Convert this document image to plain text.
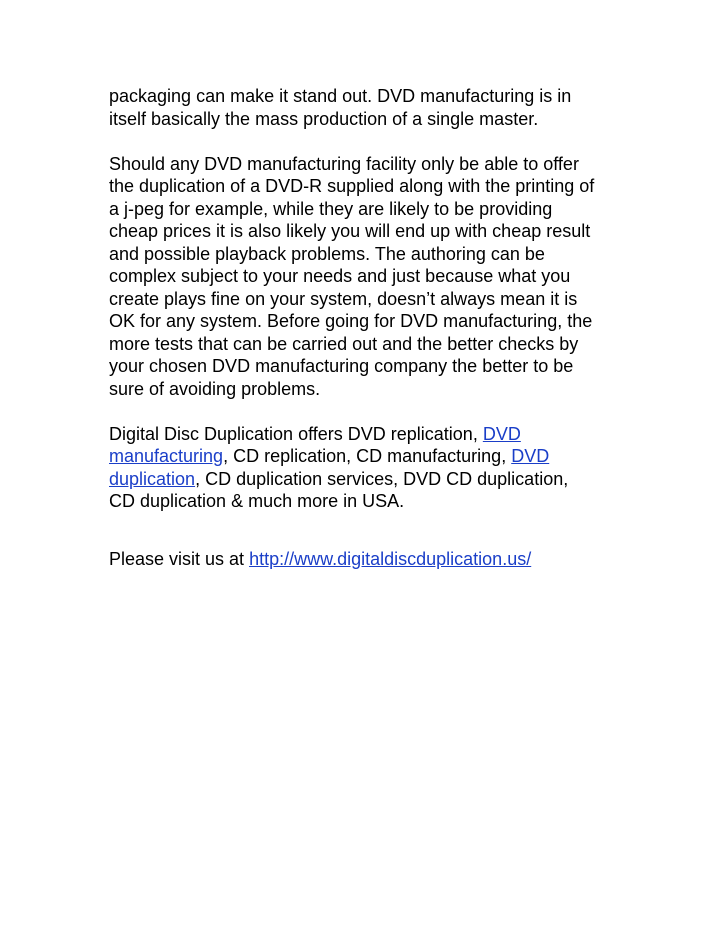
packaging can make it stand out. DVD manufacturing is in
itself basically the mass production of a single master.

Should any DVD manufacturing facility only be able to offer
the duplication of a DVD-R supplied along with the printing of
a j-peg for example, while they are likely to be providing
cheap prices it is also likely you will end up with cheap result
and possible playback problems. The authoring can be
complex subject to your needs and just because what you
create plays fine on your system, doesn’t always mean it is
OK for any system. Before going for DVD manufacturing, the
more tests that can be carried out and the better checks by
your chosen DVD manufacturing company the better to be
sure of avoiding problems.

Digital Disc Duplication offers DVD replication, DVD
manufacturing, CD replication, CD manufacturing, DVD
duplication, CD duplication services, DVD CD duplication,
CD duplication & much more in USA.

Please visit us at http://www.digitaldiscduplication.us/
